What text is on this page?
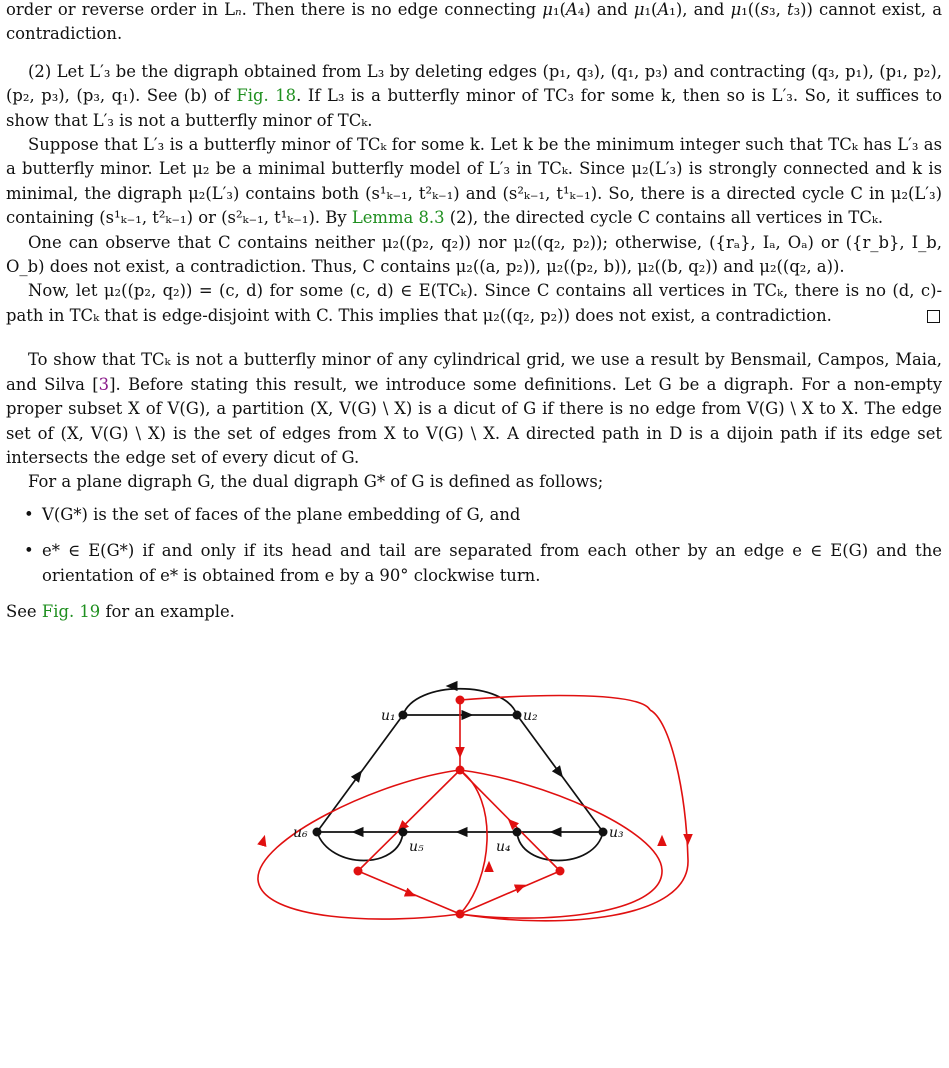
order or reverse order in Lₙ. Then there is no edge connecting μ₁(A₄) and μ₁(A₁), and μ₁((s₃, t₃)) cannot exist, a contradiction.

(2) Let L′₃ be the digraph obtained from L₃ by deleting edges (p₁, q₃), (q₁, p₃) and contracting (q₃, p₁), (p₁, p₂), (p₂, p₃), (p₃, q₁). See (b) of Fig. 18. If L₃ is a butterfly minor of TC₃ for some k, then so is L′₃. So, it suffices to show that L′₃ is not a butterfly minor of TCₖ.

Suppose that L′₃ is a butterfly minor of TCₖ for some k. Let k be the minimum integer such that TCₖ has L′₃ as a butterfly minor. Let μ₂ be a minimal butterfly model of L′₃ in TCₖ. Since μ₂(L′₃) is strongly connected and k is minimal, the digraph μ₂(L′₃) contains both (s¹ₖ₋₁, t²ₖ₋₁) and (s²ₖ₋₁, t¹ₖ₋₁). So, there is a directed cycle C in μ₂(L′₃) containing (s¹ₖ₋₁, t²ₖ₋₁) or (s²ₖ₋₁, t¹ₖ₋₁). By Lemma 8.3 (2), the directed cycle C contains all vertices in TCₖ.

One can observe that C contains neither μ₂((p₂, q₂)) nor μ₂((q₂, p₂)); otherwise, ({rₐ}, Iₐ, Oₐ) or ({r_b}, I_b, O_b) does not exist, a contradiction. Thus, C contains μ₂((a, p₂)), μ₂((p₂, b)), μ₂((b, q₂)) and μ₂((q₂, a)).

Now, let μ₂((p₂, q₂)) = (c, d) for some (c, d) ∈ E(TCₖ). Since C contains all vertices in TCₖ, there is no (d, c)-path in TCₖ that is edge-disjoint with C. This implies that μ₂((q₂, p₂)) does not exist, a contradiction.

To show that TCₖ is not a butterfly minor of any cylindrical grid, we use a result by Bensmail, Campos, Maia, and Silva [3]. Before stating this result, we introduce some definitions. Let G be a digraph. For a non-empty proper subset X of V(G), a partition (X, V(G) \ X) is a dicut of G if there is no edge from V(G) \ X to X. The edge set of (X, V(G) \ X) is the set of edges from X to V(G) \ X. A directed path in D is a dijoin path if its edge set intersects the edge set of every dicut of G.

For a plane digraph G, the dual digraph G* of G is defined as follows;

• V(G*) is the set of faces of the plane embedding of G, and
• e* ∈ E(G*) if and only if its head and tail are separated from each other by an edge e ∈ E(G) and the orientation of e* is obtained from e by a 90° clockwise turn.

See Fig. 19 for an example.

u₁	u₂
u₃
u₄
u₅
u₆
